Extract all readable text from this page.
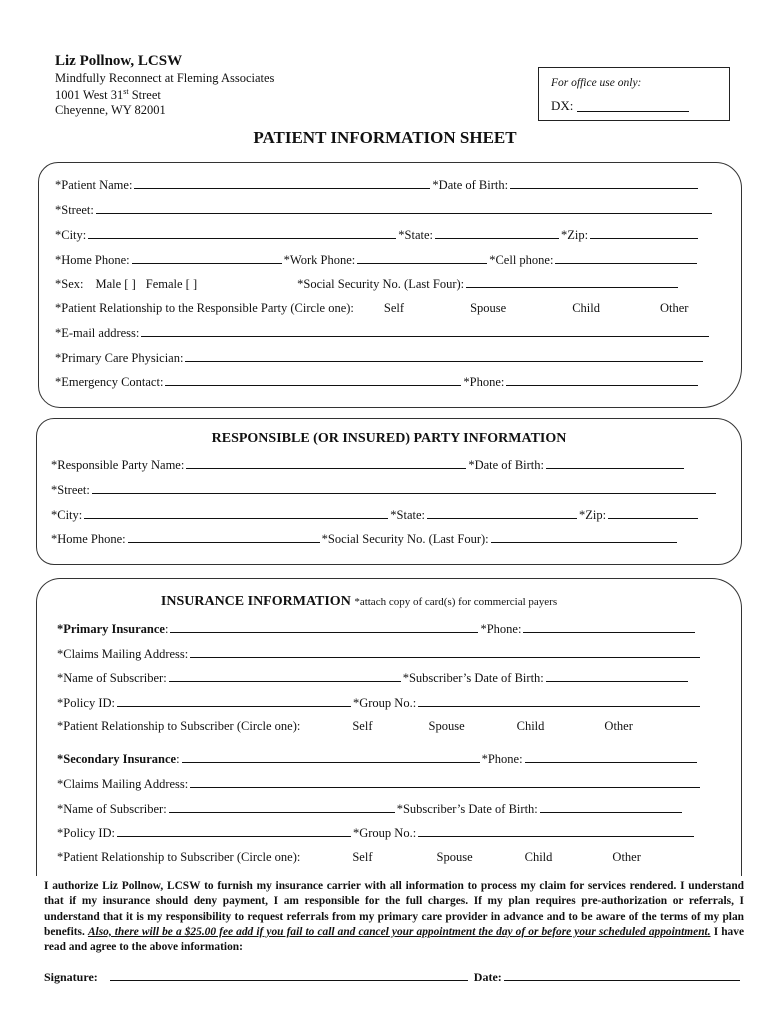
Liz Pollnow, LCSW
Mindfully Reconnect at Fleming Associates
1001 West 31st Street
Cheyenne, WY 82001
For office use only:
DX:
PATIENT INFORMATION SHEET
*Patient Name:	*Date of Birth:
*Street:
*City:	*State:	*Zip:
*Home Phone:	*Work Phone:	*Cell phone:
*Sex: Male [ ] Female [ ]	*Social Security No. (Last Four):
*Patient Relationship to the Responsible Party (Circle one): Self	Spouse	Child	Other
*E-mail address:
*Primary Care Physician:
*Emergency Contact:	*Phone:
RESPONSIBLE (OR INSURED) PARTY INFORMATION
*Responsible Party Name:	*Date of Birth:
*Street:
*City:	*State:	*Zip:
*Home Phone:	*Social Security No. (Last Four):
INSURANCE INFORMATION *attach copy of card(s) for commercial payers
*Primary Insurance :	*Phone:
*Claims Mailing Address:
*Name of Subscriber:	*Subscriber’s Date of Birth:
*Policy ID:	*Group No.:
*Patient Relationship to Subscriber (Circle one):	Self	Spouse	Child	Other
*Secondary Insurance :	*Phone:
*Claims Mailing Address:
*Name of Subscriber:	*Subscriber’s Date of Birth:
*Policy ID:	*Group No.:
*Patient Relationship to Subscriber (Circle one):	Self	Spouse	Child	Other
I authorize Liz Pollnow, LCSW to furnish my insurance carrier with all information to process my claim for services rendered. I understand that if my insurance should deny payment, I am responsible for the full charges. If my plan requires pre-authorization or referrals, I understand that it is my responsibility to request referrals from my primary care provider in advance and to be aware of the terms of my plan benefits. Also, there will be a $25.00 fee add if you fail to call and cancel your appointment the day of or before your scheduled appointment. I have read and agree to the above information:
Signature:	Date:
